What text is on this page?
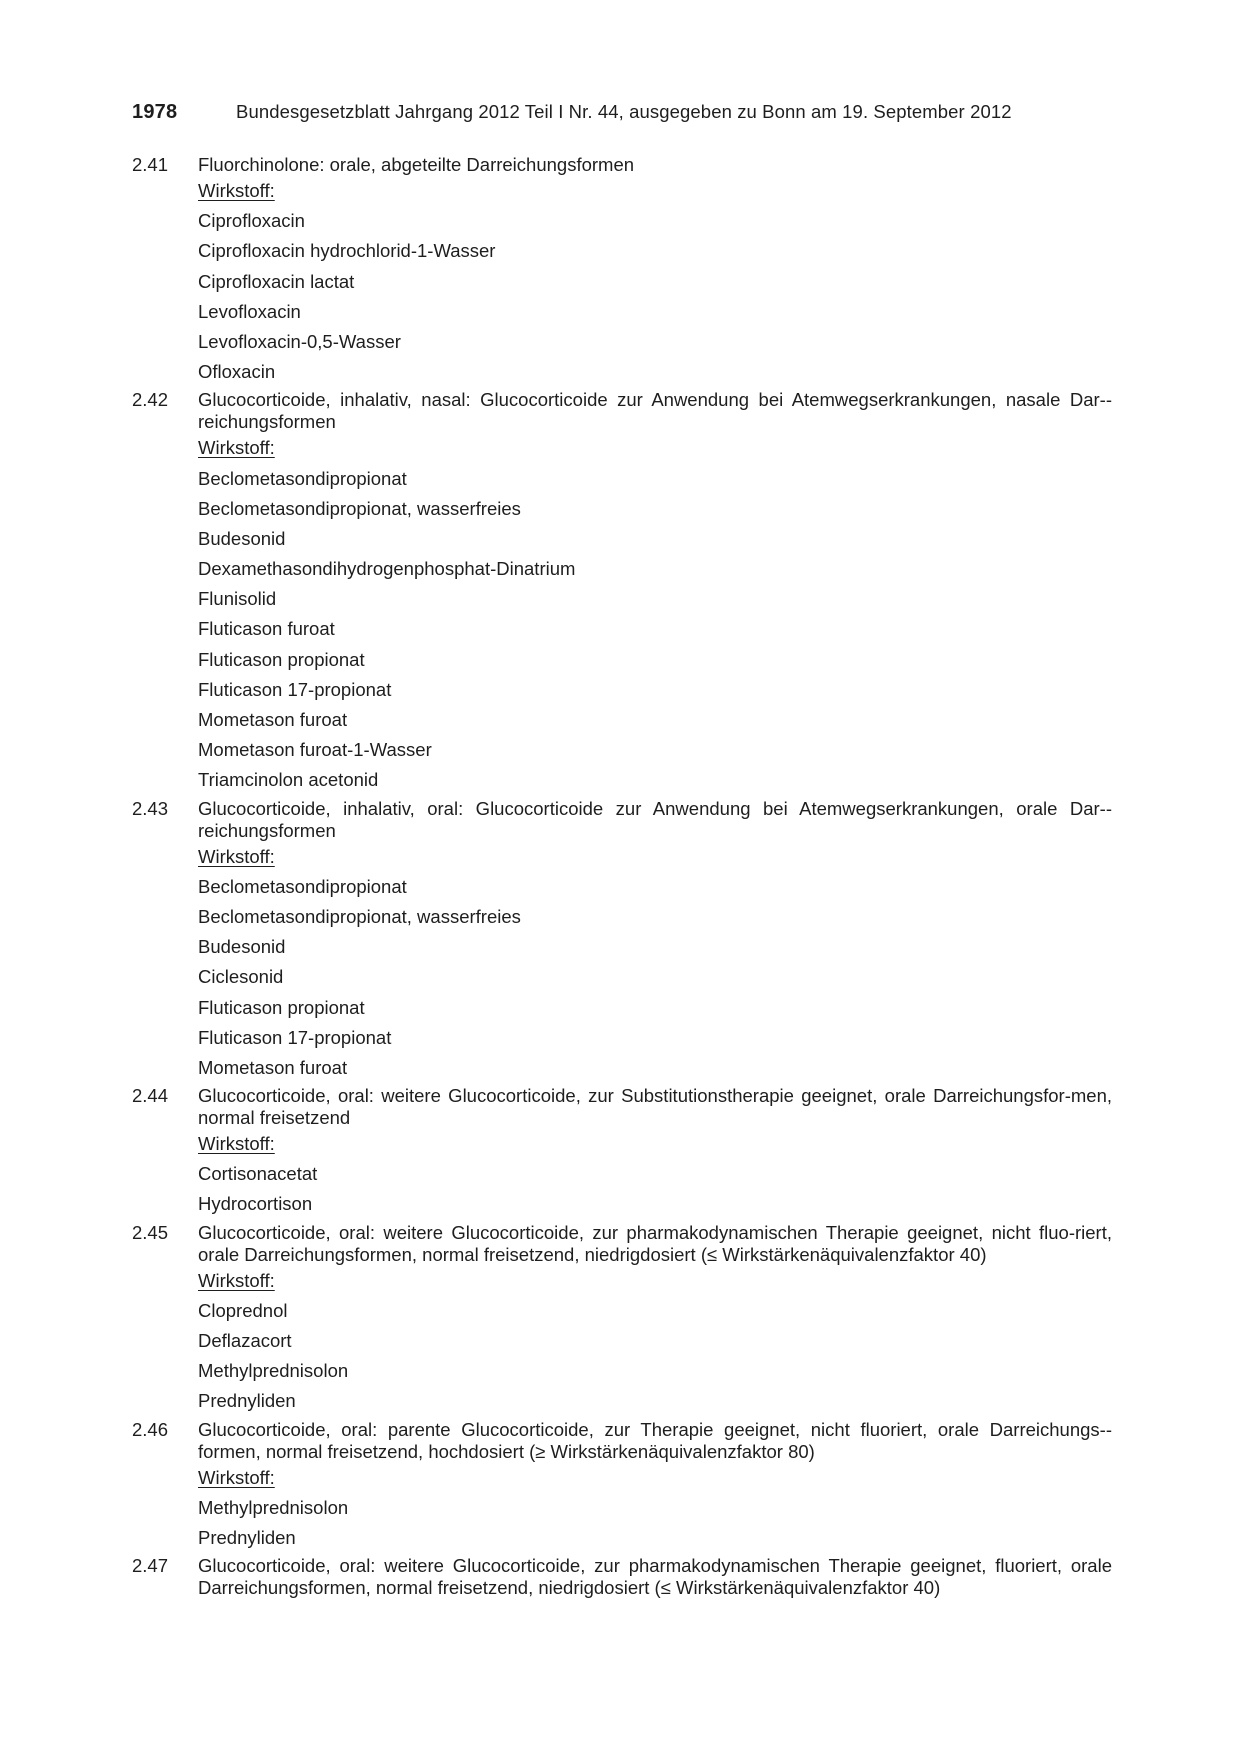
1978	Bundesgesetzblatt Jahrgang 2012 Teil I Nr. 44, ausgegeben zu Bonn am 19. September 2012
2.41	Fluorchinolone: orale, abgeteilte Darreichungsformen
Wirkstoff:
Ciprofloxacin
Ciprofloxacin hydrochlorid-1-Wasser
Ciprofloxacin lactat
Levofloxacin
Levofloxacin-0,5-Wasser
Ofloxacin
2.42	Glucocorticoide, inhalativ, nasal: Glucocorticoide zur Anwendung bei Atemwegserkrankungen, nasale Dar-reichungsformen
Wirkstoff:
Beclometasondipropionat
Beclometasondipropionat, wasserfreies
Budesonid
Dexamethasondihydrogenphosphat-Dinatrium
Flunisolid
Fluticason furoat
Fluticason propionat
Fluticason 17-propionat
Mometason furoat
Mometason furoat-1-Wasser
Triamcinolon acetonid
2.43	Glucocorticoide, inhalativ, oral: Glucocorticoide zur Anwendung bei Atemwegserkrankungen, orale Dar-reichungsformen
Wirkstoff:
Beclometasondipropionat
Beclometasondipropionat, wasserfreies
Budesonid
Ciclesonid
Fluticason propionat
Fluticason 17-propionat
Mometason furoat
2.44	Glucocorticoide, oral: weitere Glucocorticoide, zur Substitutionstherapie geeignet, orale Darreichungsfor-men, normal freisetzend
Wirkstoff:
Cortisonacetat
Hydrocortison
2.45	Glucocorticoide, oral: weitere Glucocorticoide, zur pharmakodynamischen Therapie geeignet, nicht fluo-riert, orale Darreichungsformen, normal freisetzend, niedrigdosiert (≤ Wirkstärkenäquivalenzfaktor 40)
Wirkstoff:
Cloprednol
Deflazacort
Methylprednisolon
Prednyliden
2.46	Glucocorticoide, oral: parente Glucocorticoide, zur Therapie geeignet, nicht fluoriert, orale Darreichungs-formen, normal freisetzend, hochdosiert (≥ Wirkstärkenäquivalenzfaktor 80)
Wirkstoff:
Methylprednisolon
Prednyliden
2.47	Glucocorticoide, oral: weitere Glucocorticoide, zur pharmakodynamischen Therapie geeignet, fluoriert, orale Darreichungsformen, normal freisetzend, niedrigdosiert (≤ Wirkstärkenäquivalenzfaktor 40)
